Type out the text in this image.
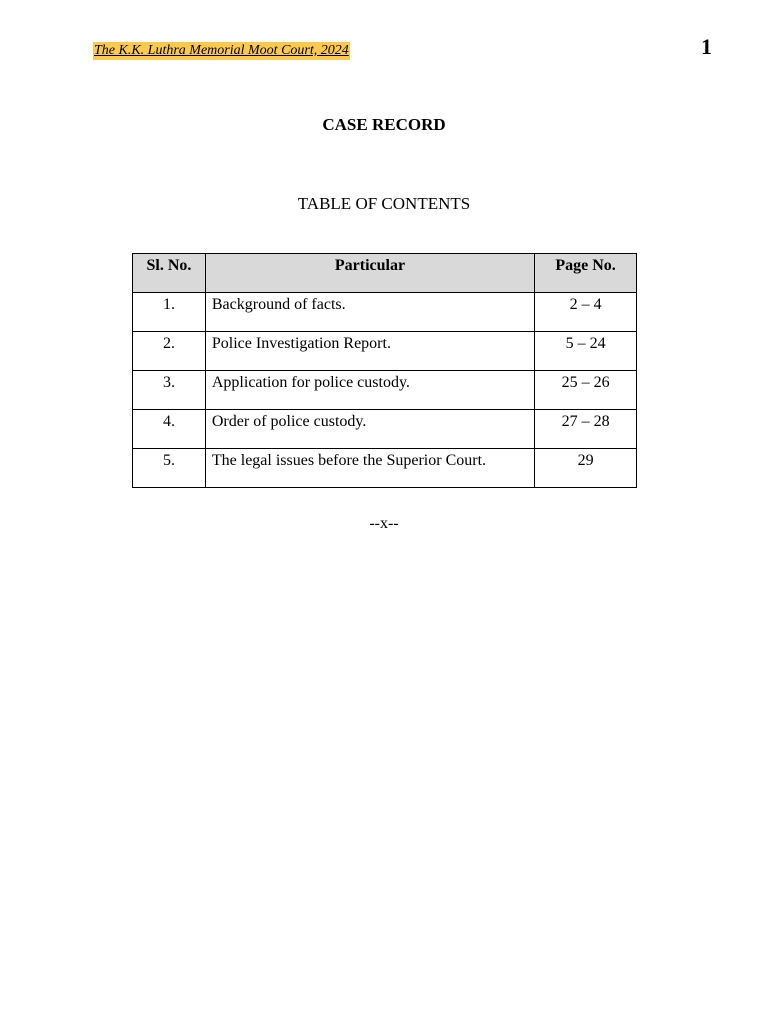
The K.K. Luthra Memorial Moot Court, 2024	1
CASE RECORD
TABLE OF CONTENTS
Sl. No.	Particular	Page No.
1.	Background of facts.	2 – 4
2.	Police Investigation Report.	5 – 24
3.	Application for police custody.	25 – 26
4.	Order of police custody.	27 – 28
5.	The legal issues before the Superior Court.	29
--x--
